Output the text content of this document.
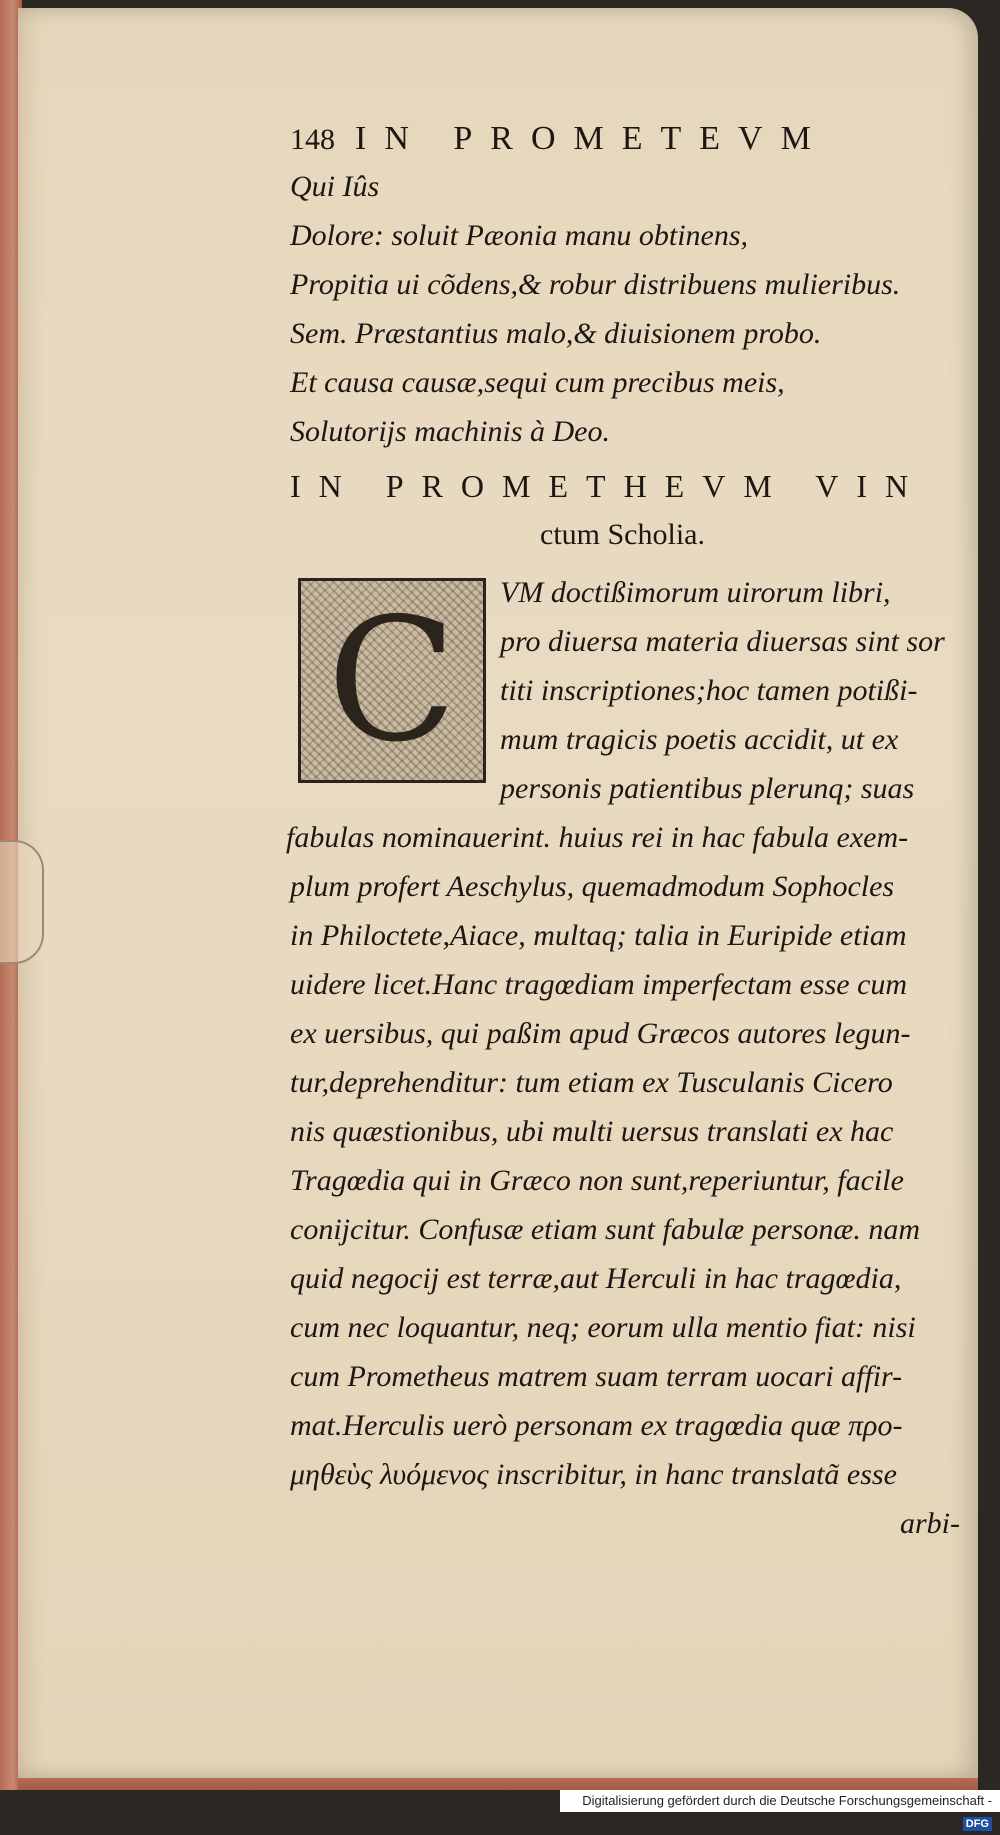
148 IN PROMETEVM
Qui Iûs
Dolore: soluit Pæonia manu obtinens,
Propitia ui cõdens,& robur distribuens mulieribus.
Sem. Præstantius malo,& diuisionem probo.
Et causa causæ,sequi cum precibus meis,
Solutorijs machinis à Deo.
IN PROMETHEVM VIN
ctum Scholia.
C	VM doctißimorum uirorum libri,
pro diuersa materia diuersas sint sor
titi inscriptiones;hoc tamen potißi-
mum tragicis poetis accidit, ut ex
personis patientibus plerunq; suas
fabulas nominauerint. huius rei in hac fabula exem-
plum profert Aeschylus, quemadmodum Sophocles
in Philoctete,Aiace, multaq; talia in Euripide etiam
uidere licet.Hanc tragœdiam imperfectam esse cum
ex uersibus, qui paßim apud Græcos autores legun-
tur,deprehenditur: tum etiam ex Tusculanis Cicero
nis quæstionibus, ubi multi uersus translati ex hac
Tragœdia qui in Græco non sunt,reperiuntur, facile
conijcitur. Confusæ etiam sunt fabulæ personæ. nam
quid negocij est terræ,aut Herculi in hac tragœdia,
cum nec loquantur, neq; eorum ulla mentio fiat: nisi
cum Prometheus matrem suam terram uocari affir-
mat.Herculis uerò personam ex tragœdia quæ προ-
μηθεὺς λυόμενος inscribitur, in hanc translatã esse
arbi-
Digitalisierung gefördert durch die Deutsche Forschungsgemeinschaft -DFG
